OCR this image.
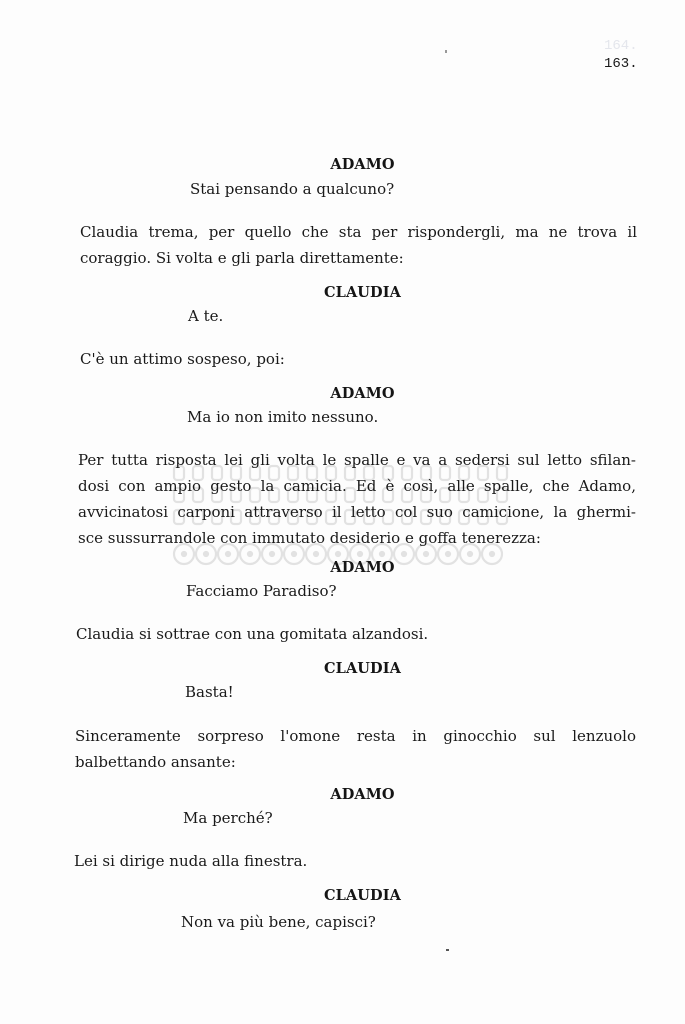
164.
163.
ADAMO
Stai pensando a qualcuno?
Claudia trema, per quello che sta per rispondergli, ma ne trova il
coraggio. Si volta e gli parla direttamente:
CLAUDIA
A te.
C'è un attimo sospeso, poi:
ADAMO
Ma io non imito nessuno.
Per tutta risposta lei gli volta le spalle e va a sedersi sul letto sfilan-
dosi con ampio gesto la camicia. Ed è così, alle spalle, che Adamo,
avvicinatosi carponi attraverso il letto col suo camicione, la ghermi-
sce sussurrandole con immutato desiderio e goffa tenerezza:
ADAMO
Facciamo Paradiso?
Claudia si sottrae con una gomitata alzandosi.
CLAUDIA
Basta!
Sinceramente sorpreso l'omone resta in ginocchio sul lenzuolo
balbettando ansante:
ADAMO
Ma perché?
Lei si dirige nuda alla finestra.
CLAUDIA
Non va più bene, capisci?
